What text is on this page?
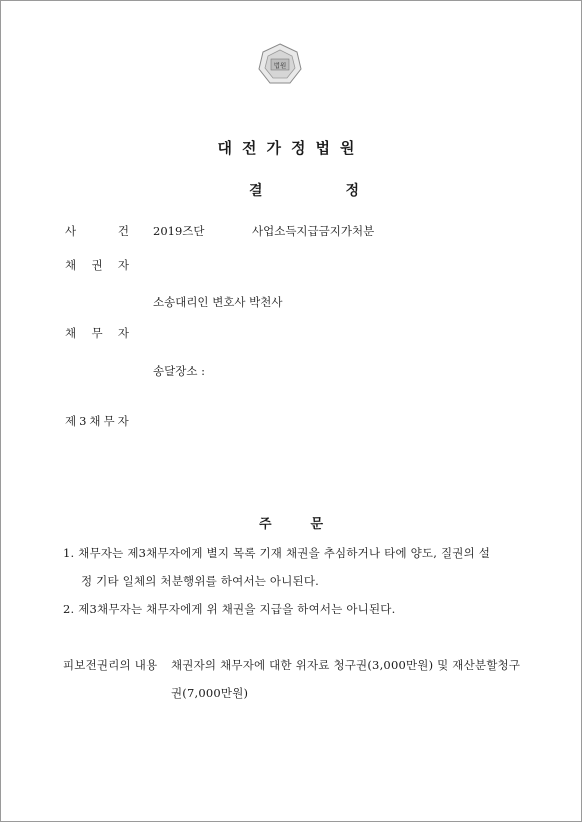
법원
대전가정법원
결	정
사	건 2019즈단	사업소득지급금지가처분
채 권 자
소송대리인 변호사 박천사
채 무 자
송달장소 :
제3채무자
주	문
1. 채무자는 제3채무자에게 별지 목록 기재 채권을 추심하거나 타에 양도, 질권의 설
정 기타 일체의 처분행위를 하여서는 아니된다.
2. 제3채무자는 채무자에게 위 채권을 지급을 하여서는 아니된다.
피보전권리의 내용 채권자의 채무자에 대한 위자료 청구권(3,000만원) 및 재산분할청구
권(7,000만원)
